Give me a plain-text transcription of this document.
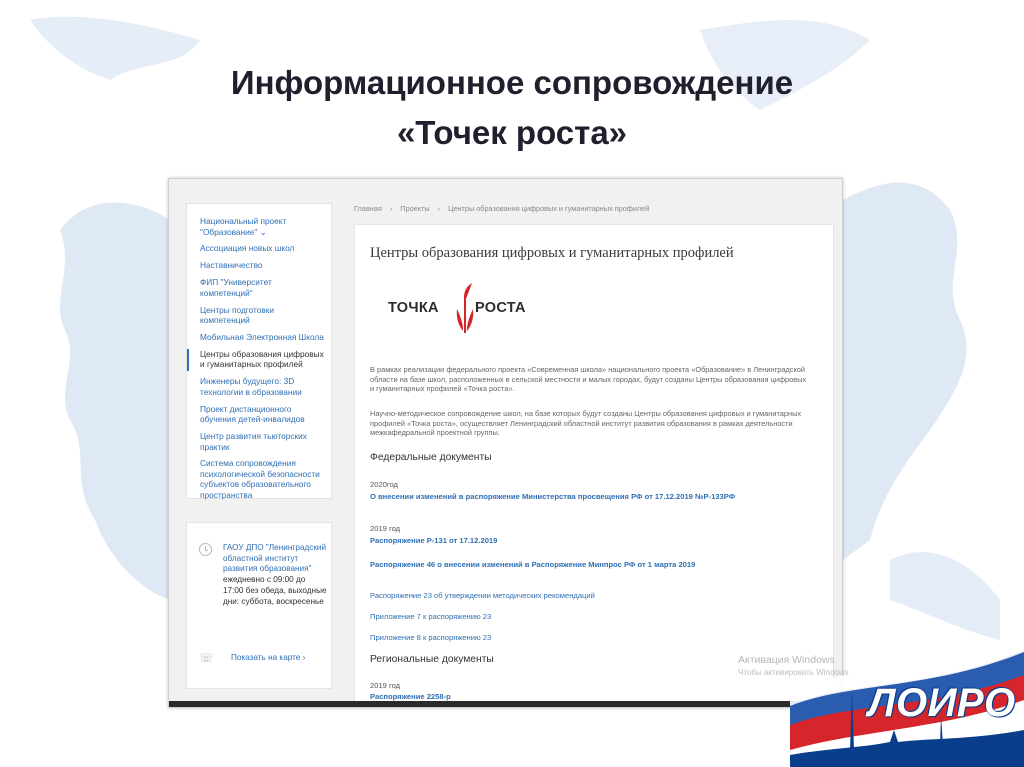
Информационное сопровождение
«Точек роста»
Национальный проект "Образование" ⌄
Ассоциация новых школ
Наставничество
ФИП "Университет компетенций"
Центры подготовки компетенций
Мобильная Электронная Школа
Центры образования цифровых и гуманитарных профилей
Инженеры будущего: 3D технологии в образовании
Проект дистанционного обучения детей-инвалидов
Центр развития тьюторских практик
Система сопровождения психологической безопасности субъектов образовательного пространства
ГАОУ ДПО "Ленинградский областной институт развития образования"
ежедневно с 09:00 до 17:00 без обеда, выходные дни: суббота, воскресенье
☏ Показать на карте ›
Главная › Проекты › Центры образования цифровых и гуманитарных профилей
Центры образования цифровых и гуманитарных профилей
ТОЧКА РОСТА

В рамках реализации федерального проекта «Современная школа» национального проекта «Образование» в Ленинградской области на базе школ, расположенных в сельской местности и малых городах, будут созданы Центры образования цифровых и гуманитарных профилей «Точка роста».

Научно-методическое сопровождение школ, на базе которых будут созданы Центры образования цифровых и гуманитарных профилей «Точка роста», осуществляет Ленинградский областной институт развития образования в рамках деятельности межкафедральной проектной группы.

Федеральные документы
2020год
О внесении изменений в распоряжение Министерства просвещения РФ от 17.12.2019 №Р-133РФ
2019 год
Распоряжение Р-131 от 17.12.2019
Распоряжение 46 о внесении изменений в Распоряжение Минпрос РФ от 1 марта 2019
Распоряжение 23 об утверждении методических рекомендаций
Приложение 7 к распоряжению 23
Приложение 8 к распоряжению 23
Региональные документы
2019 год
Распоряжение 2258-р
Активация Windows
Чтобы активировать Windows
ЛОИРО
